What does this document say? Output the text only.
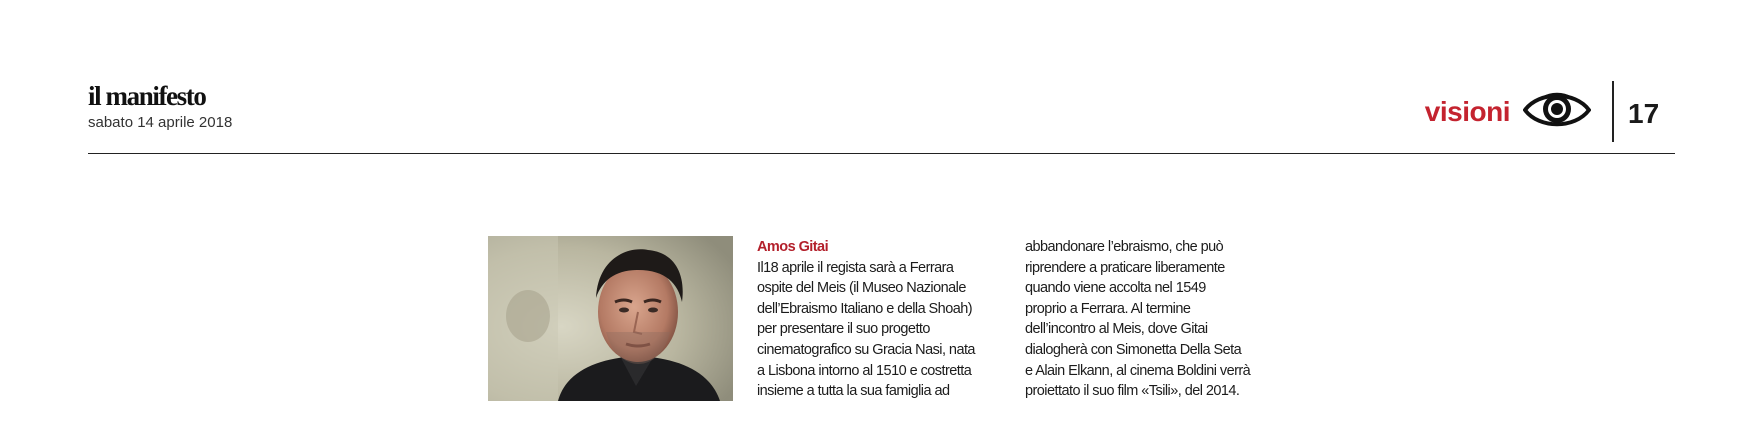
il manifesto
sabato 14 aprile 2018	visioni	17
Amos Gitai
Il18 aprile il regista sarà a Ferrara
ospite del Meis (il Museo Nazionale
dell’Ebraismo Italiano e della Shoah)
per presentare il suo progetto
cinematografico su Gracia Nasi, nata
a Lisbona intorno al 1510 e costretta
insieme a tutta la sua famiglia ad
abbandonare l’ebraismo, che può
riprendere a praticare liberamente
quando viene accolta nel 1549
proprio a Ferrara. Al termine
dell’incontro al Meis, dove Gitai
dialogherà con Simonetta Della Seta
e Alain Elkann, al cinema Boldini verrà
proiettato il suo film «Tsili», del 2014.
